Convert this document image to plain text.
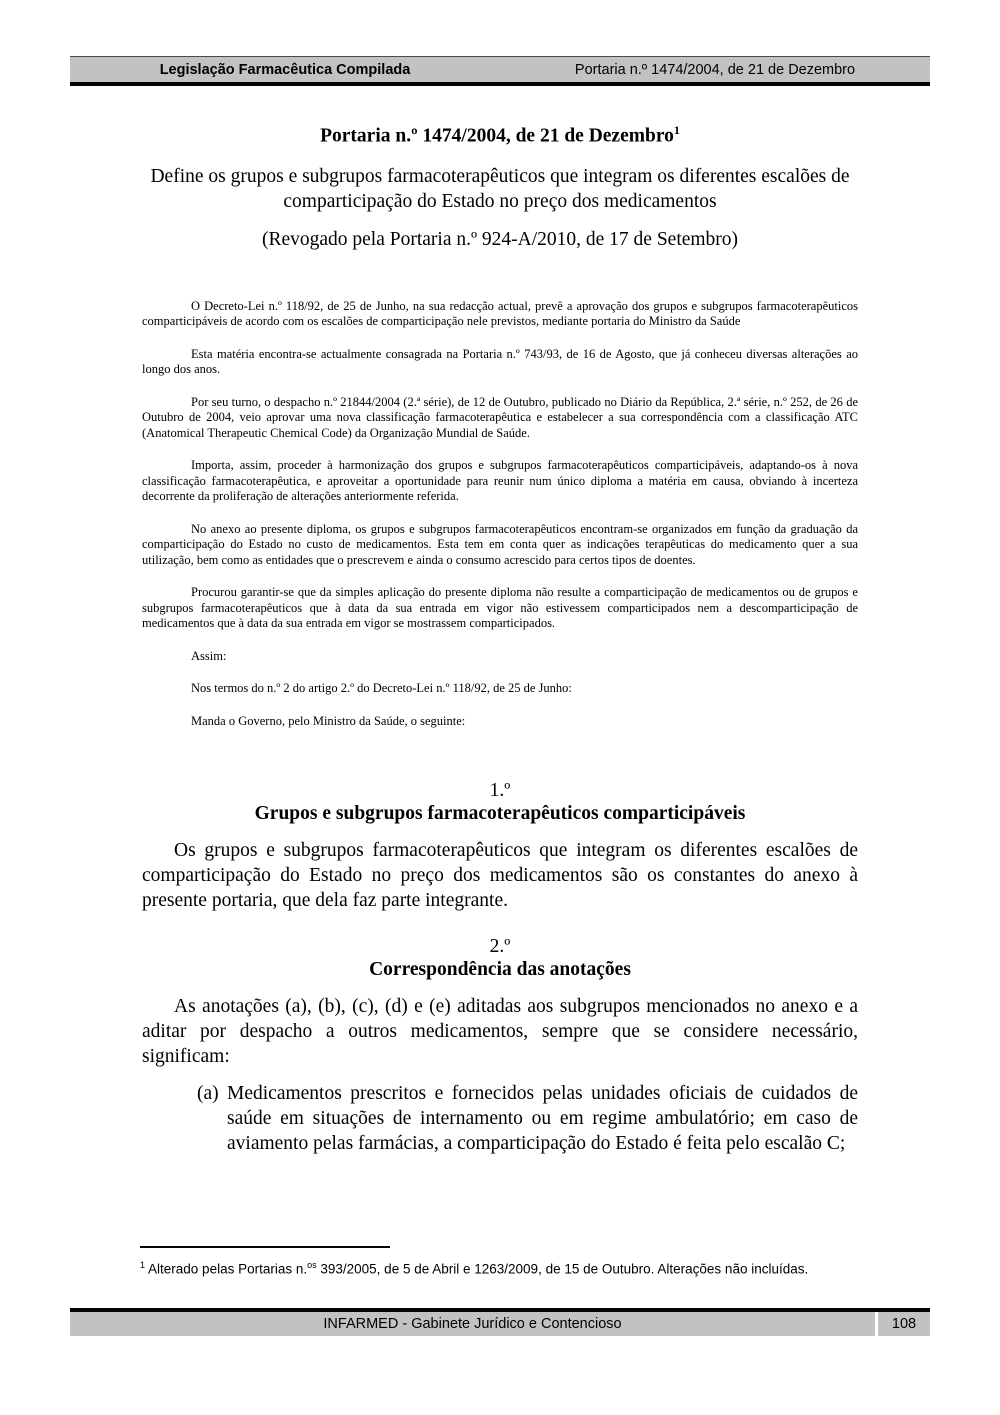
Legislação Farmacêutica Compilada	Portaria n.º 1474/2004, de 21 de Dezembro
Portaria n.º 1474/2004, de 21 de Dezembro$^1$
Define os grupos e subgrupos farmacoterapêuticos que integram os diferentes escalões de comparticipação do Estado no preço dos medicamentos

(Revogado pela Portaria n.º 924-A/2010, de 17 de Setembro)

O Decreto-Lei n.º 118/92, de 25 de Junho, na sua redacção actual, prevê a aprovação dos grupos e subgrupos farmacoterapêuticos comparticipáveis de acordo com os escalões de comparticipação nele previstos, mediante portaria do Ministro da Saúde

Esta matéria encontra-se actualmente consagrada na Portaria n.º 743/93, de 16 de Agosto, que já conheceu diversas alterações ao longo dos anos.

Por seu turno, o despacho n.º 21844/2004 (2.ª série), de 12 de Outubro, publicado no Diário da República, 2.ª série, n.º 252, de 26 de Outubro de 2004, veio aprovar uma nova classificação farmacoterapêutica e estabelecer a sua correspondência com a classificação ATC (Anatomical Therapeutic Chemical Code) da Organização Mundial de Saúde.

Importa, assim, proceder à harmonização dos grupos e subgrupos farmacoterapêuticos comparticipáveis, adaptando-os à nova classificação farmacoterapêutica, e aproveitar a oportunidade para reunir num único diploma a matéria em causa, obviando à incerteza decorrente da proliferação de alterações anteriormente referida.

No anexo ao presente diploma, os grupos e subgrupos farmacoterapêuticos encontram-se organizados em função da graduação da comparticipação do Estado no custo de medicamentos. Esta tem em conta quer as indicações terapêuticas do medicamento quer a sua utilização, bem como as entidades que o prescrevem e ainda o consumo acrescido para certos tipos de doentes.

Procurou garantir-se que da simples aplicação do presente diploma não resulte a comparticipação de medicamentos ou de grupos e subgrupos farmacoterapêuticos que à data da sua entrada em vigor não estivessem comparticipados nem a descomparticipação de medicamentos que à data da sua entrada em vigor se mostrassem comparticipados.

Assim:

Nos termos do n.º 2 do artigo 2.º do Decreto-Lei n.º 118/92, de 25 de Junho:

Manda o Governo, pelo Ministro da Saúde, o seguinte:

1.º

Grupos e subgrupos farmacoterapêuticos comparticipáveis

Os grupos e subgrupos farmacoterapêuticos que integram os diferentes escalões de comparticipação do Estado no preço dos medicamentos são os constantes do anexo à presente portaria, que dela faz parte integrante.

2.º

Correspondência das anotações

As anotações (a), (b), (c), (d) e (e) aditadas aos subgrupos mencionados no anexo e a aditar por despacho a outros medicamentos, sempre que se considere necessário, significam:

(a) Medicamentos prescritos e fornecidos pelas unidades oficiais de cuidados de saúde em situações de internamento ou em regime ambulatório; em caso de aviamento pelas farmácias, a comparticipação do Estado é feita pelo escalão C;
$^1$ Alterado pelas Portarias n.$^{os}$ 393/2005, de 5 de Abril e 1263/2009, de 15 de Outubro. Alterações não incluídas.
INFARMED - Gabinete Jurídico e Contencioso	108
